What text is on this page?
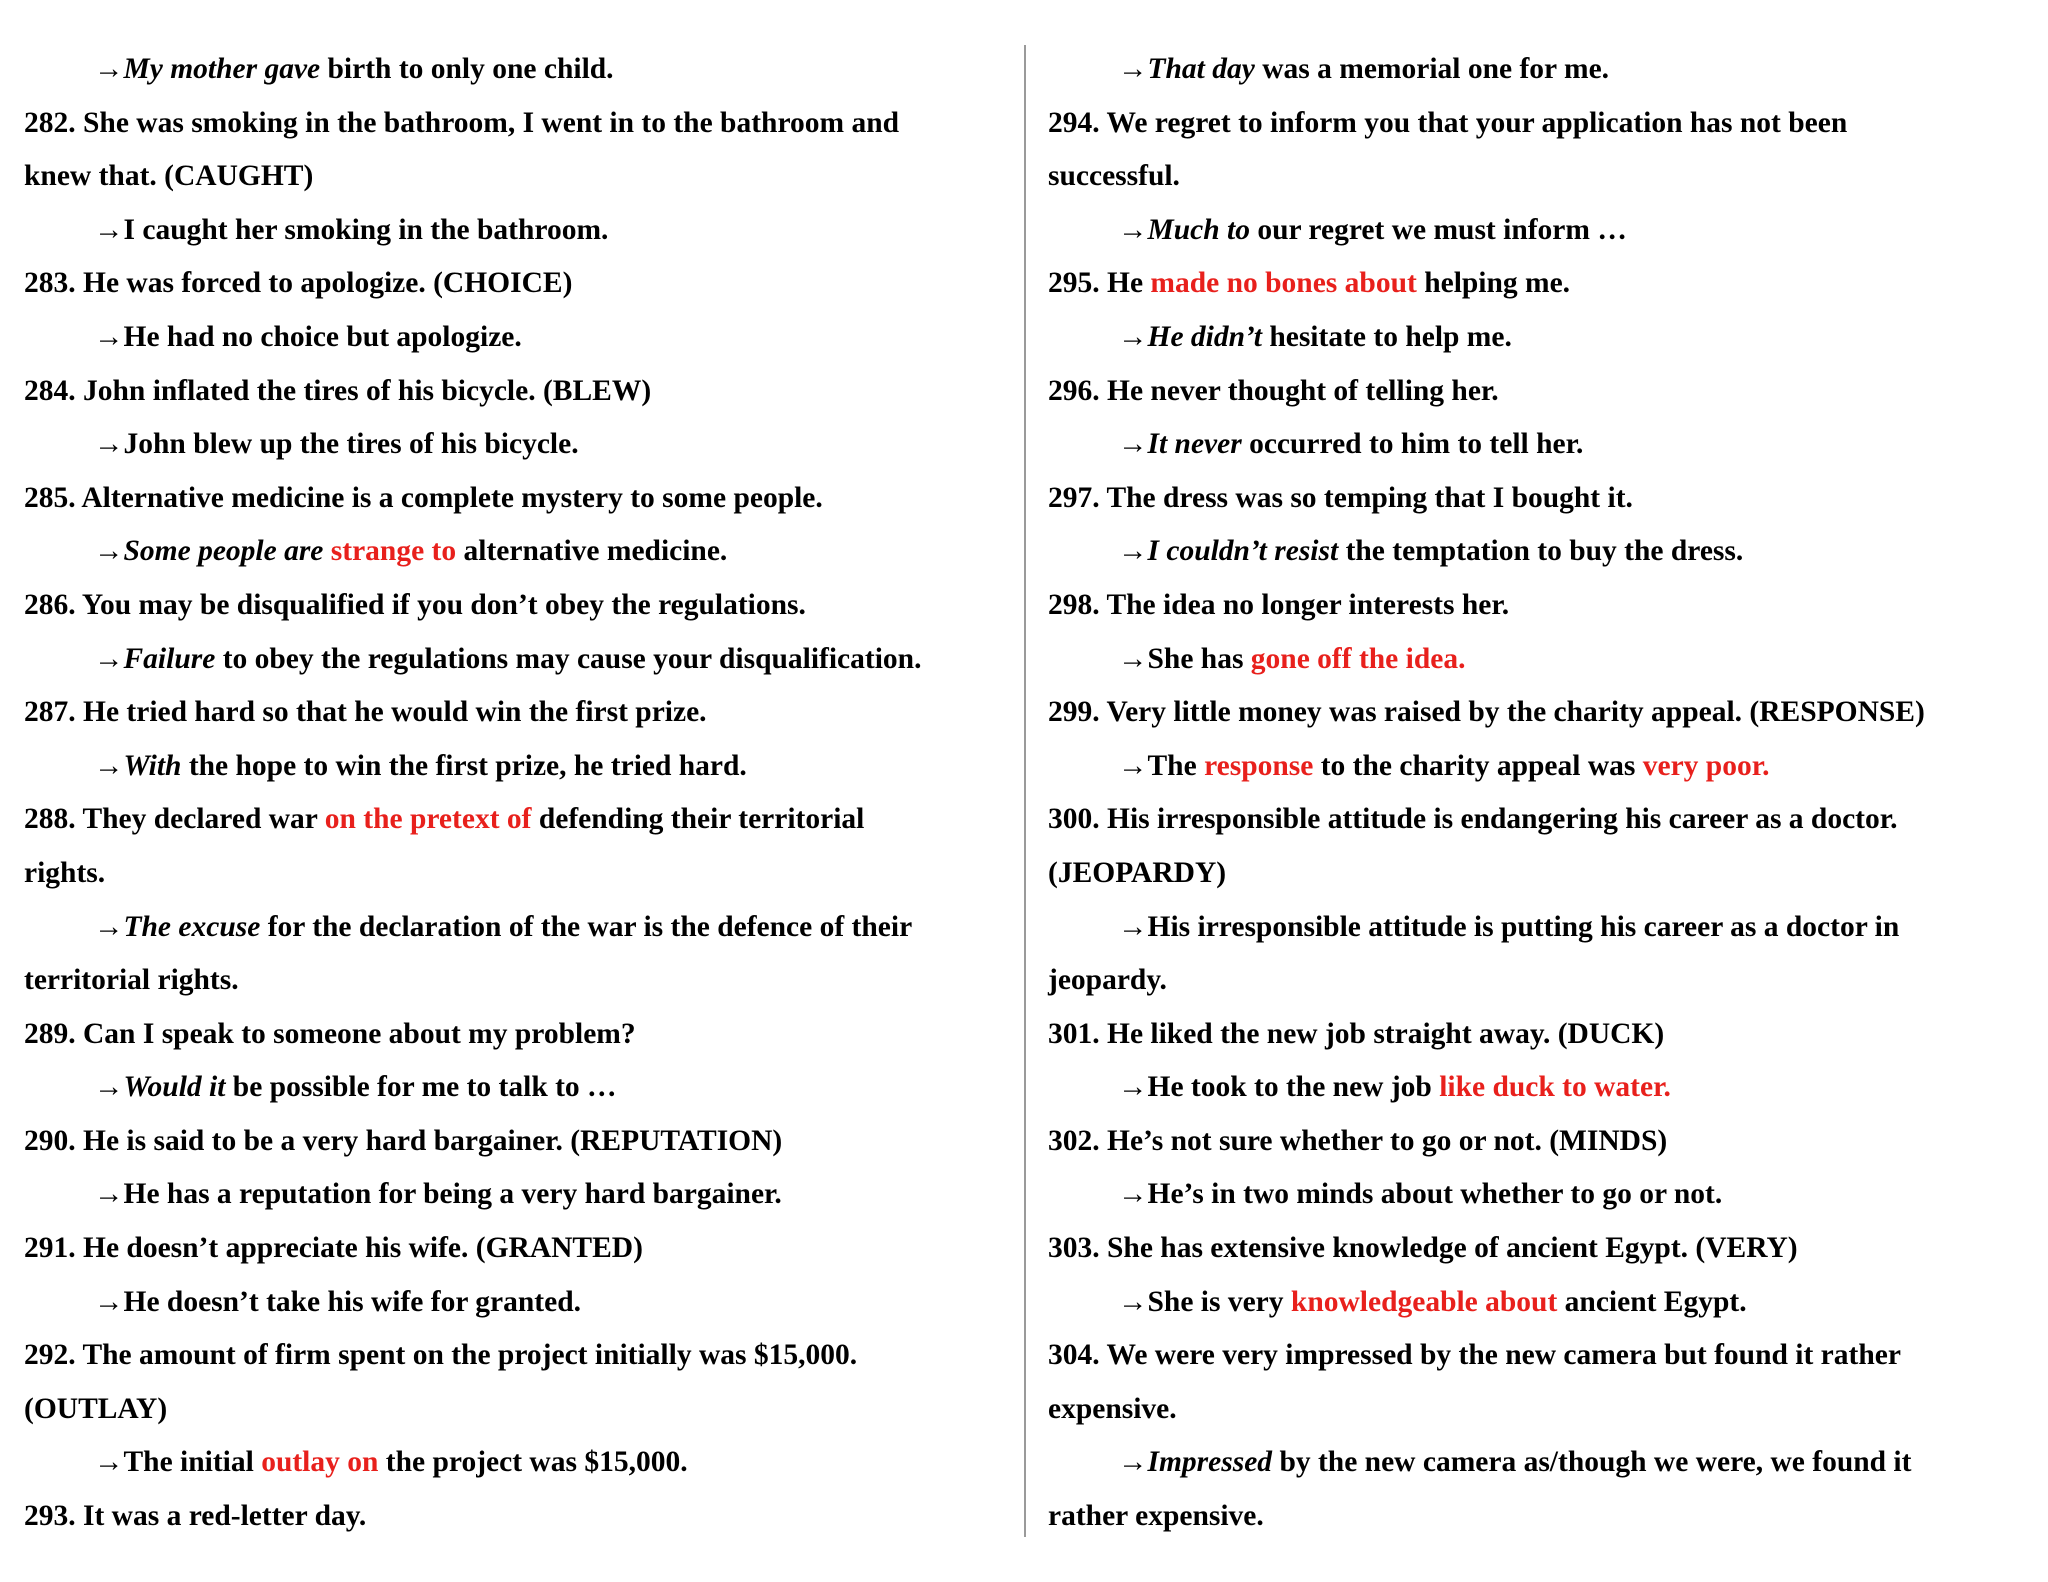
→My mother gave birth to only one child.
282. She was smoking in the bathroom, I went in to the bathroom and
knew that. (CAUGHT)
→I caught her smoking in the bathroom.
283. He was forced to apologize. (CHOICE)
→He had no choice but apologize.
284. John inflated the tires of his bicycle. (BLEW)
→John blew up the tires of his bicycle.
285. Alternative medicine is a complete mystery to some people.
→Some people are strange to alternative medicine.
286. You may be disqualified if you don’t obey the regulations.
→Failure to obey the regulations may cause your disqualification.
287. He tried hard so that he would win the first prize.
→With the hope to win the first prize, he tried hard.
288. They declared war on the pretext of defending their territorial
rights.
→The excuse for the declaration of the war is the defence of their
territorial rights.
289. Can I speak to someone about my problem?
→Would it be possible for me to talk to …
290. He is said to be a very hard bargainer. (REPUTATION)
→He has a reputation for being a very hard bargainer.
291. He doesn’t appreciate his wife. (GRANTED)
→He doesn’t take his wife for granted.
292. The amount of firm spent on the project initially was $15,000.
(OUTLAY)
→The initial outlay on the project was $15,000.
293. It was a red-letter day.
→That day was a memorial one for me.
294. We regret to inform you that your application has not been
successful.
→Much to our regret we must inform …
295. He made no bones about helping me.
→He didn’t hesitate to help me.
296. He never thought of telling her.
→It never occurred to him to tell her.
297. The dress was so temping that I bought it.
→I couldn’t resist the temptation to buy the dress.
298. The idea no longer interests her.
→She has gone off the idea.
299. Very little money was raised by the charity appeal. (RESPONSE)
→The response to the charity appeal was very poor.
300. His irresponsible attitude is endangering his career as a doctor.
(JEOPARDY)
→His irresponsible attitude is putting his career as a doctor in
jeopardy.
301. He liked the new job straight away. (DUCK)
→He took to the new job like duck to water.
302. He’s not sure whether to go or not. (MINDS)
→He’s in two minds about whether to go or not.
303. She has extensive knowledge of ancient Egypt. (VERY)
→She is very knowledgeable about ancient Egypt.
304. We were very impressed by the new camera but found it rather
expensive.
→Impressed by the new camera as/though we were, we found it
rather expensive.
